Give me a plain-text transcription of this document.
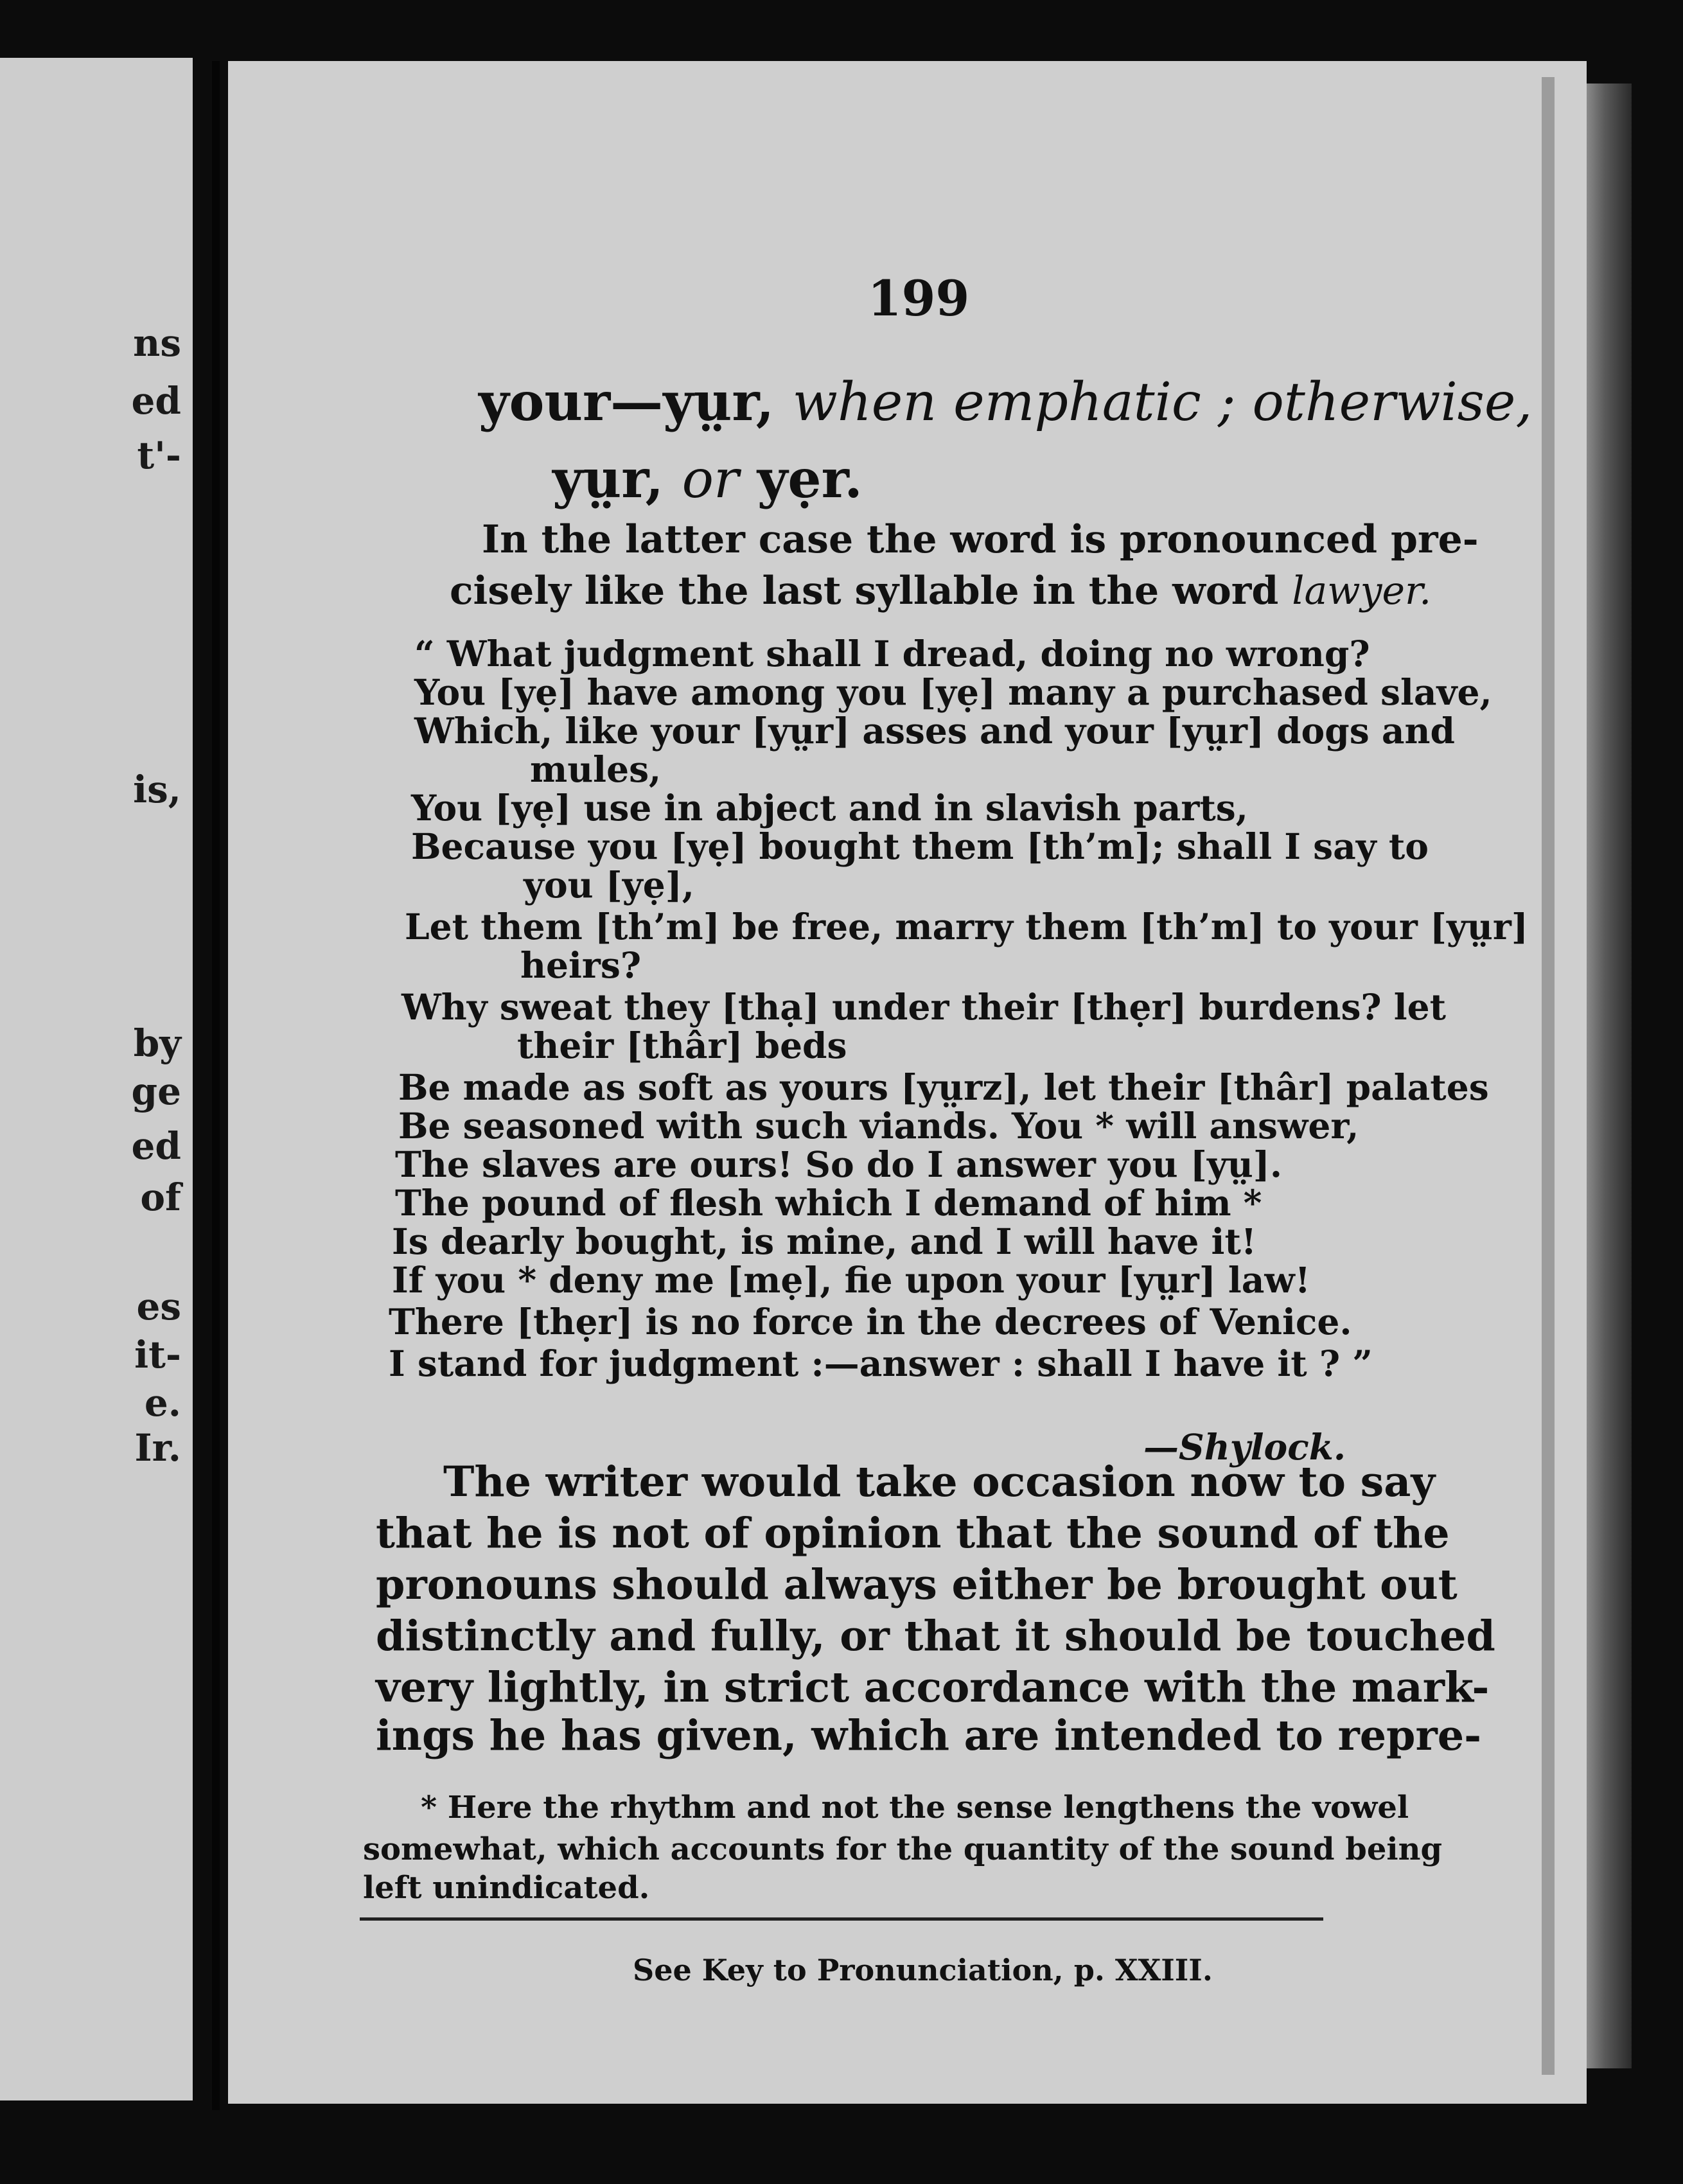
ns
ed
t'-
is,
by
ge
ed
of
es
it-
e.
Ir.
199
your—yṳr, when emphatic ; otherwise,
yṳr, or yẹr.
In the latter case the word is pronounced pre-
cisely like the last syllable in the word lawyer.
“ What judgment shall I dread, doing no wrong?
You [yẹ] have among you [yẹ] many a purchased slave,
Which, like your [yṳr] asses and your [yṳr] dogs and
mules,
You [yẹ] use in abject and in slavish parts,
Because you [yẹ] bought them [th’m]; shall I say to
you [yẹ],
Let them [th’m] be free, marry them [th’m] to your [yṳr]
heirs?
Why sweat they [thạ] under their [thẹr] burdens? let
their [thâr] beds
Be made as soft as yours [yṳrz], let their [thâr] palates
Be seasoned with such viands. You * will answer,
The slaves are ours! So do I answer you [yṳ].
The pound of flesh which I demand of him *
Is dearly bought, is mine, and I will have it!
If you * deny me [mẹ], fie upon your [yṳr] law!
There [thẹr] is no force in the decrees of Venice.
I stand for judgment :—answer : shall I have it ? ”
—Shylock.
The writer would take occasion now to say
that he is not of opinion that the sound of the
pronouns should always either be brought out
distinctly and fully, or that it should be touched
very lightly, in strict accordance with the mark-
ings he has given, which are intended to repre-
* Here the rhythm and not the sense lengthens the vowel
somewhat, which accounts for the quantity of the sound being
left unindicated.
See Key to Pronunciation, p. XXIII.
